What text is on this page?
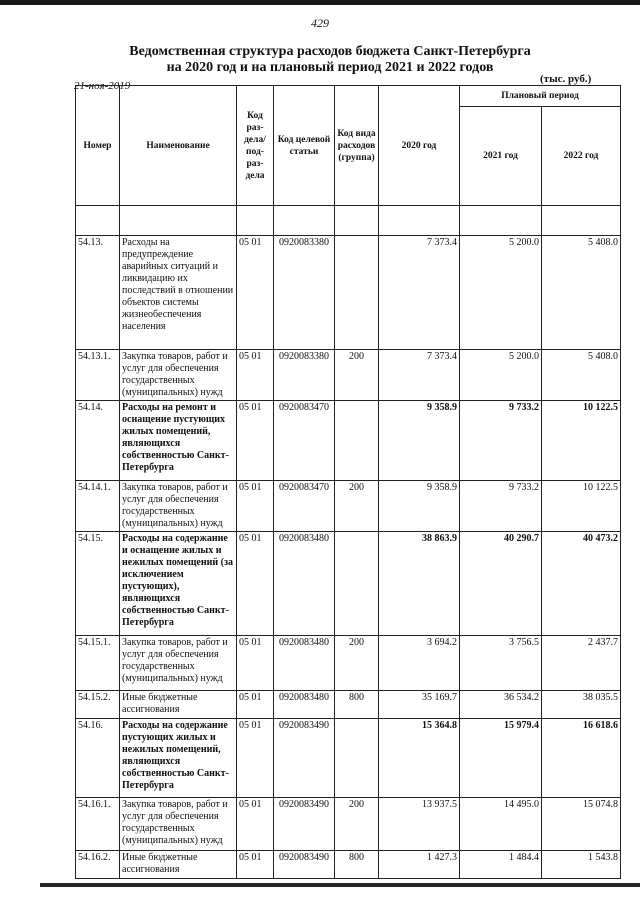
429
Ведомственная структура расходов бюджета Санкт-Петербурга
на 2020 год и на плановый период 2021 и 2022 годов
21-ноя-2019
(тыс. руб.)
Номер	Наименование	Код раз-дела/ под-раз-дела	Код целевой статьи	Код вида расходов (группа)	2020 год	Плановый период	
						2021 год	2022 год

54.13.	Расходы на предупреждение аварийных ситуаций и ликвидацию их последствий в отношении объектов системы жизнеобеспечения населения	05 01	0920083380		7 373.4	5 200.0	5 408.0
54.13.1.	Закупка товаров, работ и услуг для обеспечения государственных (муниципальных) нужд	05 01	0920083380	200	7 373.4	5 200.0	5 408.0
54.14.	Расходы на ремонт и оснащение пустующих жилых помещений, являющихся собственностью Санкт-Петербурга	05 01	0920083470		9 358.9	9 733.2	10 122.5
54.14.1.	Закупка товаров, работ и услуг для обеспечения государственных (муниципальных) нужд	05 01	0920083470	200	9 358.9	9 733.2	10 122.5
54.15.	Расходы на содержание и оснащение жилых и нежилых помещений (за исключением пустующих), являющихся собственностью Санкт-Петербурга	05 01	0920083480		38 863.9	40 290.7	40 473.2
54.15.1.	Закупка товаров, работ и услуг для обеспечения государственных (муниципальных) нужд	05 01	0920083480	200	3 694.2	3 756.5	2 437.7
54.15.2.	Иные бюджетные ассигнования	05 01	0920083480	800	35 169.7	36 534.2	38 035.5
54.16.	Расходы на содержание пустующих жилых и нежилых помещений, являющихся собственностью Санкт-Петербурга	05 01	0920083490		15 364.8	15 979.4	16 618.6
54.16.1.	Закупка товаров, работ и услуг для обеспечения государственных (муниципальных) нужд	05 01	0920083490	200	13 937.5	14 495.0	15 074.8
54.16.2.	Иные бюджетные ассигнования	05 01	0920083490	800	1 427.3	1 484.4	1 543.8
